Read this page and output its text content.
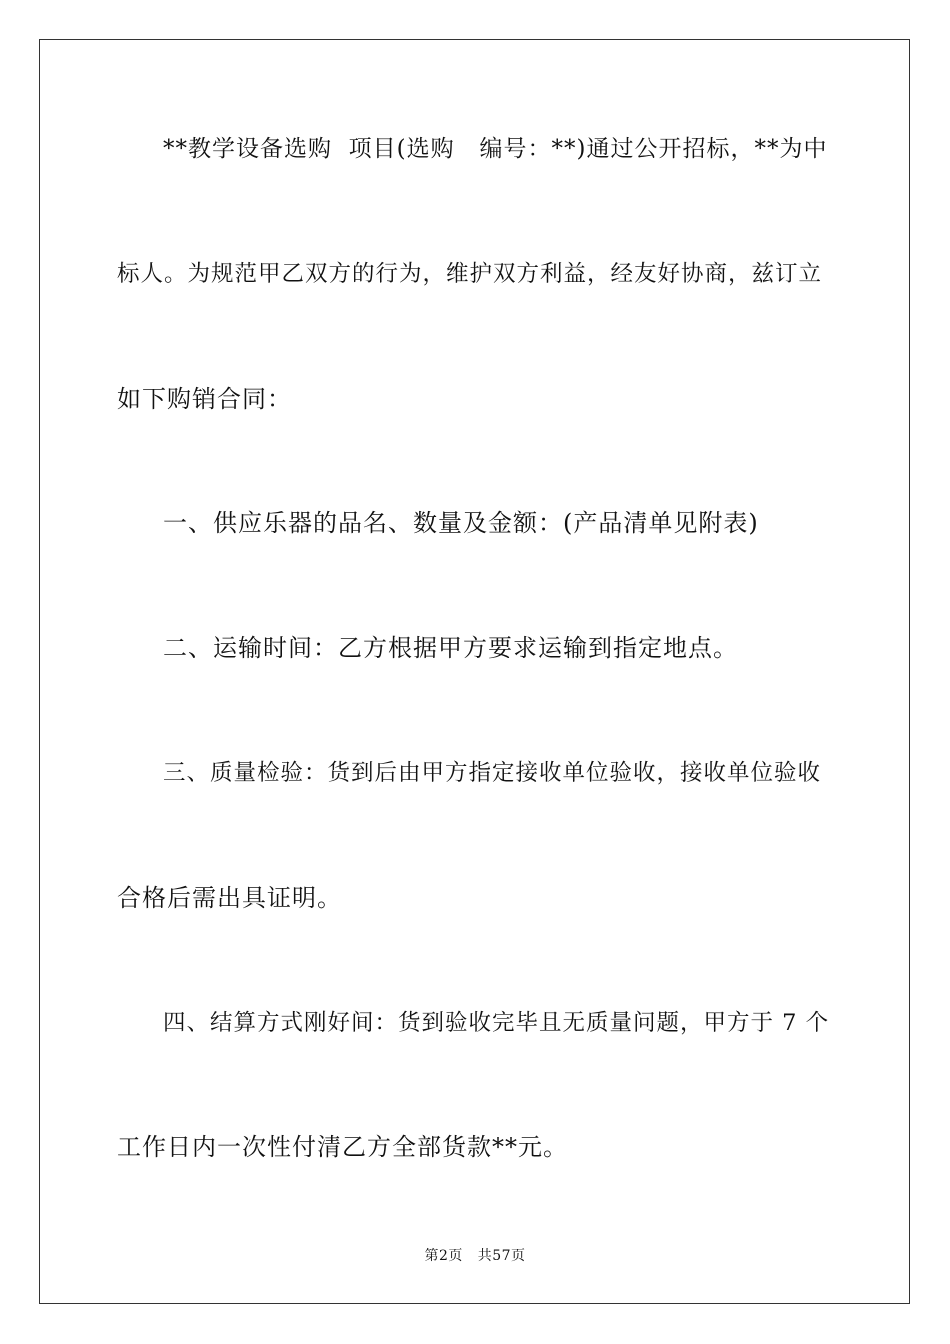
**教学设备选购  项目(选购   编号：**)通过公开招标，**为中
标人。为规范甲乙双方的行为，维护双方利益，经友好协商，兹订立
如下购销合同：
一、供应乐器的品名、数量及金额：(产品清单见附表)
二、运输时间：乙方根据甲方要求运输到指定地点。
三、质量检验：货到后由甲方指定接收单位验收，接收单位验收
合格后需出具证明。
四、结算方式刚好间：货到验收完毕且无质量问题，甲方于 7 个
工作日内一次性付清乙方全部货款**元。
第2页   共57页
